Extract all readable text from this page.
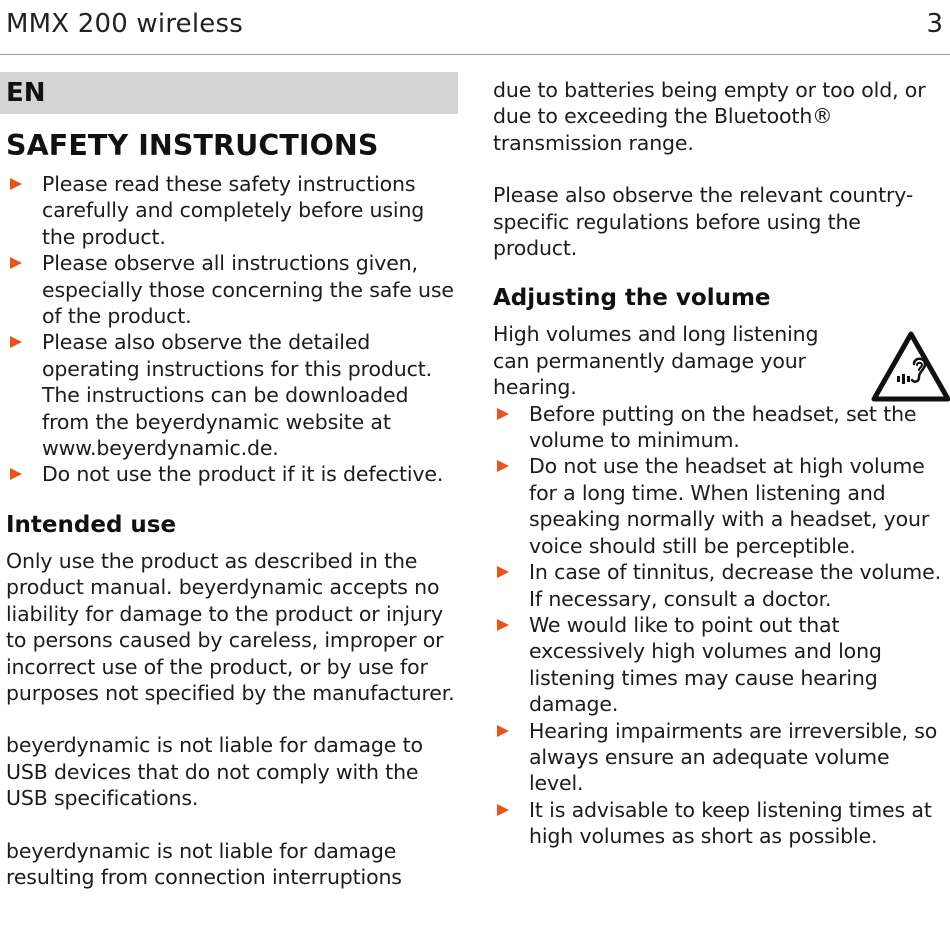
MMX 200 wireless	3
EN
SAFETY INSTRUCTIONS
Please read these safety instructions carefully and completely before using the product.
Please observe all instructions given, especially those concerning the safe use of the product.
Please also observe the detailed operating instructions for this product. The instructions can be downloaded from the beyerdynamic website at www.beyerdynamic.de.
Do not use the product if it is defective.
Intended use

Only use the product as described in the product manual. beyerdynamic accepts no liability for damage to the product or injury to persons caused by careless, improper or incorrect use of the product, or by use for purposes not specified by the manufacturer.

beyerdynamic is not liable for damage to USB devices that do not comply with the USB specifications.

beyerdynamic is not liable for damage resulting from connection interruptions

due to batteries being empty or too old, or due to exceeding the Bluetooth® transmission range.

Please also observe the relevant country-specific regulations before using the product.

Adjusting the volume

High volumes and long listening can permanently damage your hearing.

Before putting on the headset, set the volume to minimum.
Do not use the headset at high volume for a long time. When listening and speaking normally with a headset, your voice should still be perceptible.
In case of tinnitus, decrease the volume. If necessary, consult a doctor.
We would like to point out that excessively high volumes and long listening times may cause hearing damage.
Hearing impairments are irreversible, so always ensure an adequate volume level.
It is advisable to keep listening times at high volumes as short as possible.
